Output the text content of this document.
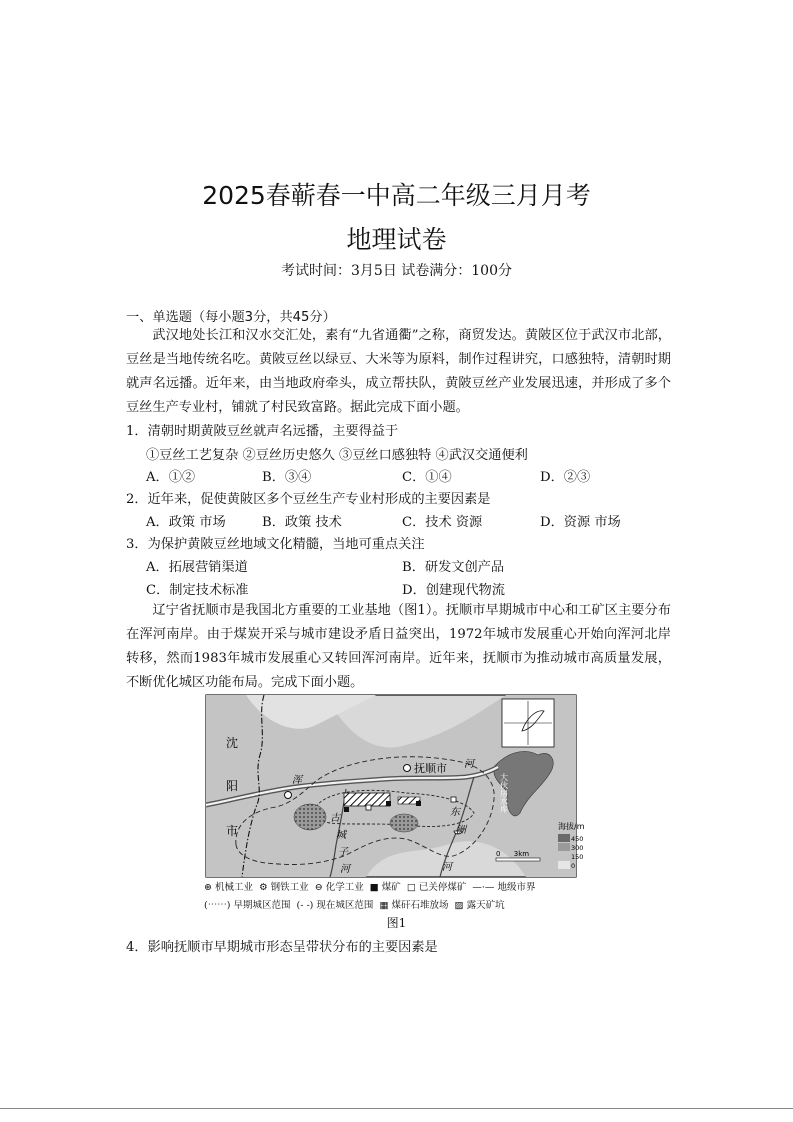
2025春蕲春一中高二年级三月月考
地理试卷
考试时间：3月5日 试卷满分：100分
一、单选题（每小题3分，共45分）
武汉地处长江和汉水交汇处，素有“九省通衢”之称，商贸发达。黄陂区位于武汉市北部，豆丝是当地传统名吃。黄陂豆丝以绿豆、大米等为原料，制作过程讲究，口感独特，清朝时期就声名远播。近年来，由当地政府牵头，成立帮扶队，黄陂豆丝产业发展迅速，并形成了多个豆丝生产专业村，铺就了村民致富路。据此完成下面小题。
1．清朝时期黄陂豆丝就声名远播，主要得益于
①豆丝工艺复杂 ②豆丝历史悠久 ③豆丝口感独特 ④武汉交通便利
A．①②	B．③④	C．①④	D．②③
2．近年来，促使黄陂区多个豆丝生产专业村形成的主要因素是
A．政策 市场	B．政策 技术	C．技术 资源	D．资源 市场
3．为保护黄陂豆丝地域文化精髓，当地可重点关注
A．拓展营销渠道	B．研发文创产品
C．制定技术标准	D．创建现代物流
辽宁省抚顺市是我国北方重要的工业基地（图1）。抚顺市早期城市中心和工矿区主要分布在浑河南岸。由于煤炭开采与城市建设矛盾日益突出，1972年城市发展重心开始向浑河北岸转移，然而1983年城市发展重心又转回浑河南岸。近年来，抚顺市为推动城市高质量发展，不断优化城区功能布局。完成下面小题。
沈
阳
市
抚顺市
浑
河
东
洲
河
古
城
子
河
大伙房水库
海拔/m
450
300
150
0
0      3km
⊛ 机械工业 ⚙ 钢铁工业 ⊖ 化学工业 ■ 煤矿 □ 已关停煤矿 —·— 地级市界
(⋯⋯) 早期城区范围 (‐ ‐) 现在城区范围 ▦ 煤矸石堆放场 ▨ 露天矿坑
图1
4．影响抚顺市早期城市形态呈带状分布的主要因素是
